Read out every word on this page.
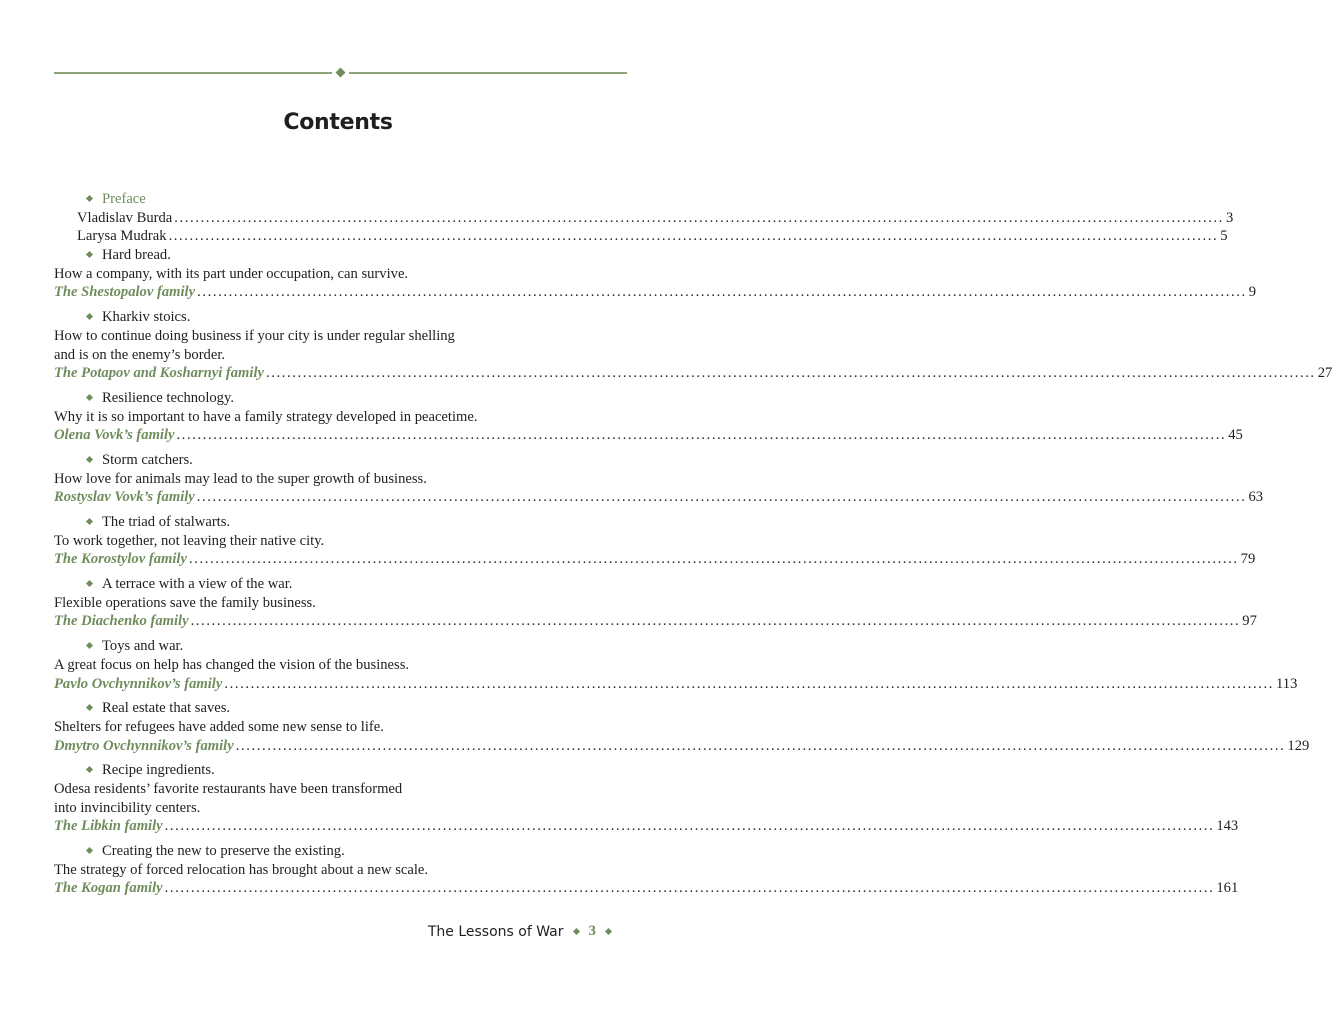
Contents
Preface
Vladislav Burda ........................................................................................................................................................................................................ 3
Larysa Mudrak ........................................................................................................................................................................................................ 5
Hard bread.
How a company, with its part under occupation, can survive.
The Shestopalov family ........................................................................................................................................................................................................ 9
Kharkiv stoics.
How to continue doing business if your city is under regular shelling
and is on the enemy’s border.
The Potapov and Kosharnyi family ........................................................................................................................................................................................................ 27
Resilience technology.
Why it is so important to have a family strategy developed in peacetime.
Olena Vovk’s family ........................................................................................................................................................................................................ 45
Storm catchers.
How love for animals may lead to the super growth of business.
Rostyslav Vovk’s family ........................................................................................................................................................................................................ 63
The triad of stalwarts.
To work together, not leaving their native city.
The Korostylov family ........................................................................................................................................................................................................ 79
A terrace with a view of the war.
Flexible operations save the family business.
The Diachenko family ........................................................................................................................................................................................................ 97
Toys and war.
A great focus on help has changed the vision of the business.
Pavlo Ovchynnikov’s family ........................................................................................................................................................................................................ 113
Real estate that saves.
Shelters for refugees have added some new sense to life.
Dmytro Ovchynnikov’s family ........................................................................................................................................................................................................ 129
Recipe ingredients.
Odesa residents’ favorite restaurants have been transformed
into invincibility centers.
The Libkin family ........................................................................................................................................................................................................ 143
Creating the new to preserve the existing.
The strategy of forced relocation has brought about a new scale.
The Kogan family ........................................................................................................................................................................................................ 161
The Lessons of War 3
